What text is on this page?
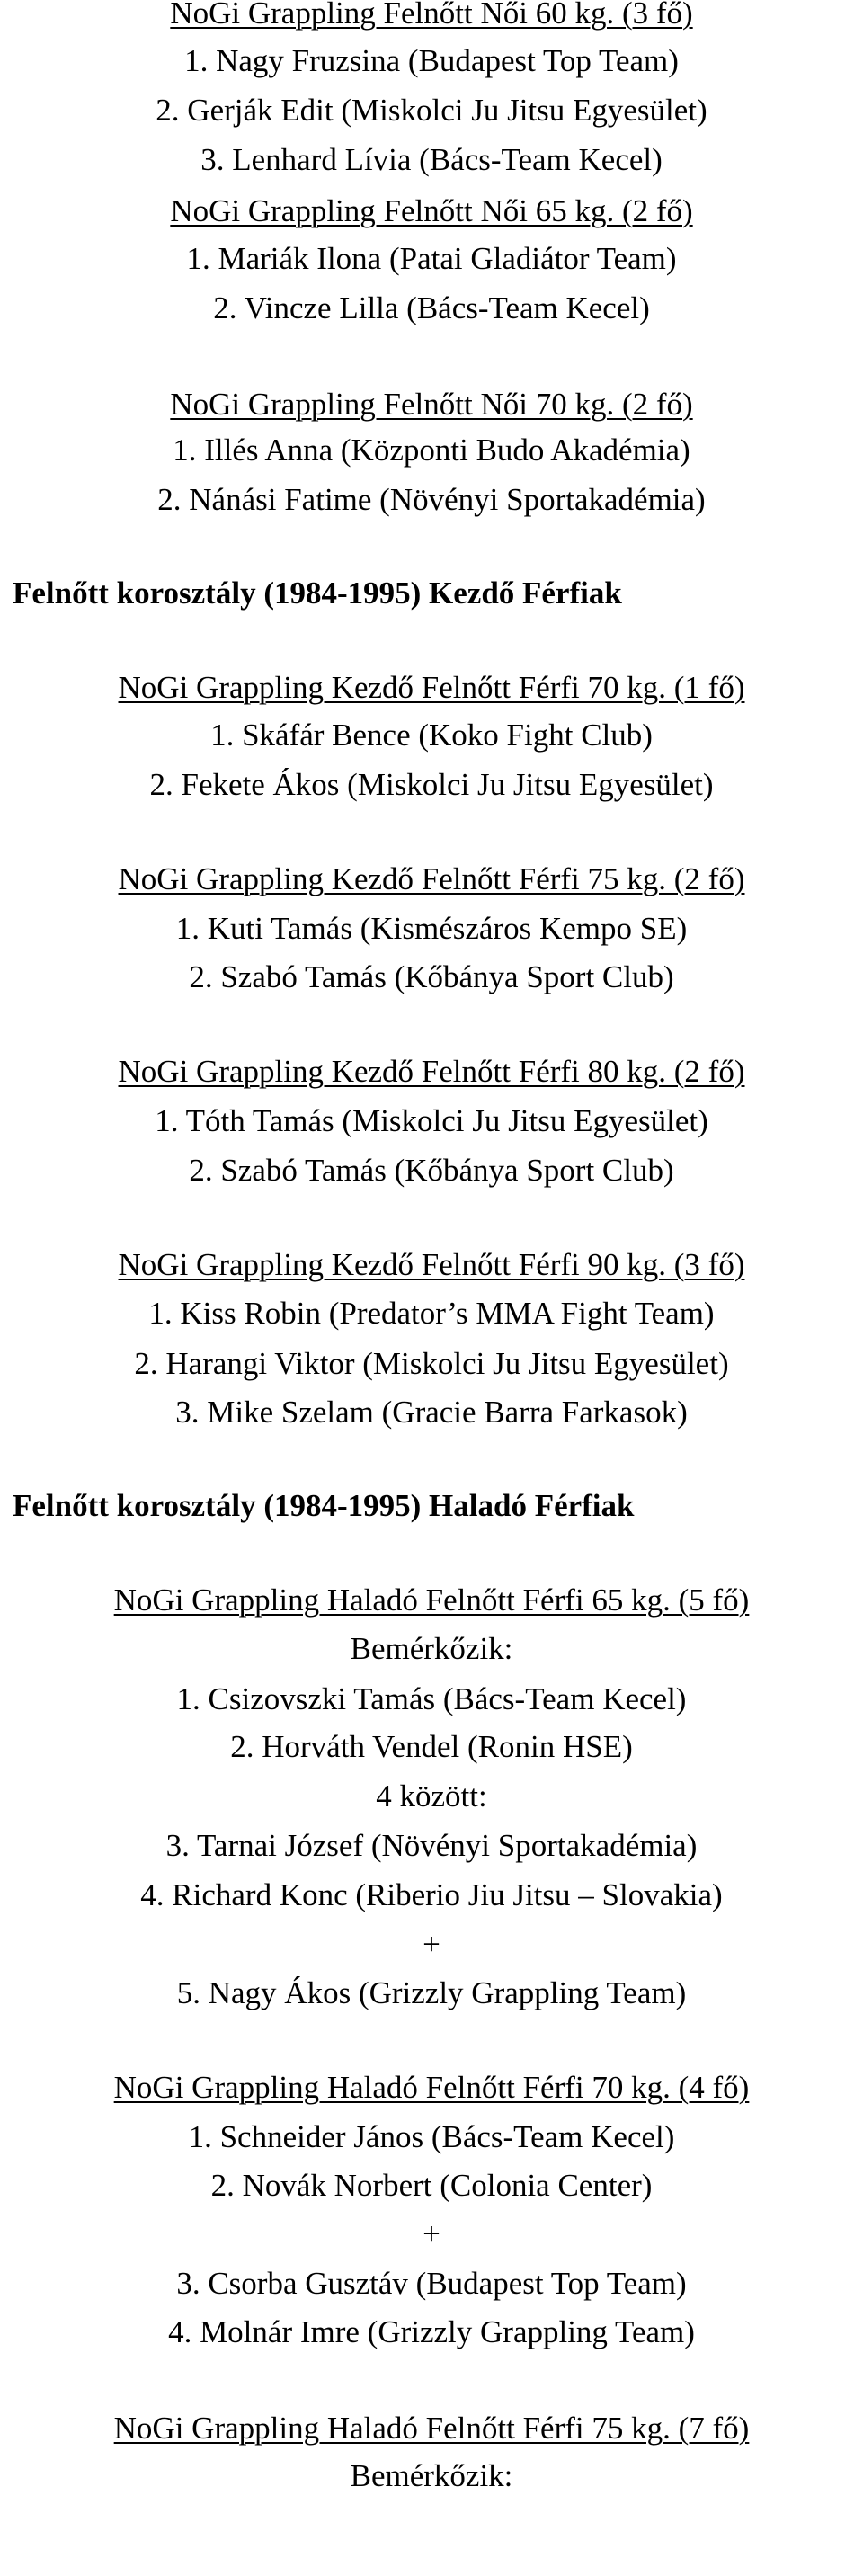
NoGi Grappling Felnőtt Női 60 kg. (3 fő)
1. Nagy Fruzsina (Budapest Top Team)
2. Gerják Edit (Miskolci Ju Jitsu Egyesület)
3. Lenhard Lívia (Bács-Team Kecel)
NoGi Grappling Felnőtt Női 65 kg. (2 fő)
1. Mariák Ilona (Patai Gladiátor Team)
2. Vincze Lilla (Bács-Team Kecel)
NoGi Grappling Felnőtt Női 70 kg. (2 fő)
1. Illés Anna (Központi Budo Akadémia)
2. Nánási Fatime (Növényi Sportakadémia)
Felnőtt korosztály (1984-1995) Kezdő Férfiak
NoGi Grappling Kezdő Felnőtt Férfi 70 kg. (1 fő)
1. Skáfár Bence (Koko Fight Club)
2. Fekete Ákos (Miskolci Ju Jitsu Egyesület)
NoGi Grappling Kezdő Felnőtt Férfi 75 kg. (2 fő)
1. Kuti Tamás (Kismészáros Kempo SE)
2. Szabó Tamás (Kőbánya Sport Club)
NoGi Grappling Kezdő Felnőtt Férfi 80 kg. (2 fő)
1. Tóth Tamás (Miskolci Ju Jitsu Egyesület)
2. Szabó Tamás (Kőbánya Sport Club)
NoGi Grappling Kezdő Felnőtt Férfi 90 kg. (3 fő)
1. Kiss Robin (Predator’s MMA Fight Team)
2. Harangi Viktor (Miskolci Ju Jitsu Egyesület)
3. Mike Szelam (Gracie Barra Farkasok)
Felnőtt korosztály (1984-1995) Haladó Férfiak
NoGi Grappling Haladó Felnőtt Férfi 65 kg. (5 fő)
Bemérkőzik:
1. Csizovszki Tamás (Bács-Team Kecel)
2. Horváth Vendel (Ronin HSE)
4 között:
3. Tarnai József (Növényi Sportakadémia)
4. Richard Konc (Riberio Jiu Jitsu – Slovakia)
+
5. Nagy Ákos (Grizzly Grappling Team)
NoGi Grappling Haladó Felnőtt Férfi 70 kg. (4 fő)
1. Schneider János (Bács-Team Kecel)
2. Novák Norbert (Colonia Center)
+
3. Csorba Gusztáv (Budapest Top Team)
4. Molnár Imre (Grizzly Grappling Team)
NoGi Grappling Haladó Felnőtt Férfi 75 kg. (7 fő)
Bemérkőzik:
